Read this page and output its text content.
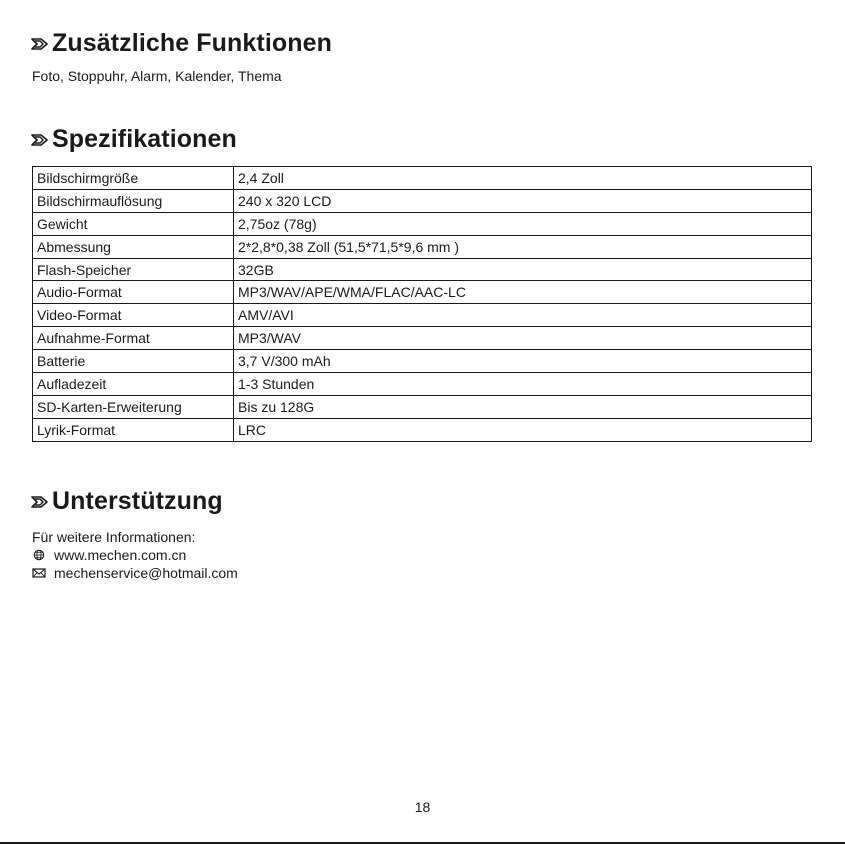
Zusätzliche Funktionen

Foto, Stoppuhr, Alarm, Kalender, Thema

Spezifikationen
Bildschirmgröße	2,4 Zoll
Bildschirmauflösung	240 x 320 LCD
Gewicht	2,75oz (78g)
Abmessung	2*2,8*0,38 Zoll (51,5*71,5*9,6 mm )
Flash-Speicher	32GB
Audio-Format	MP3/WAV/APE/WMA/FLAC/AAC-LC
Video-Format	AMV/AVI
Aufnahme-Format	MP3/WAV
Batterie	3,7 V/300 mAh
Aufladezeit	1-3 Stunden
SD-Karten-Erweiterung	Bis zu 128G
Lyrik-Format	LRC
Unterstützung

Für weitere Informationen:

www.mechen.com.cn
mechenservice@hotmail.com
18
